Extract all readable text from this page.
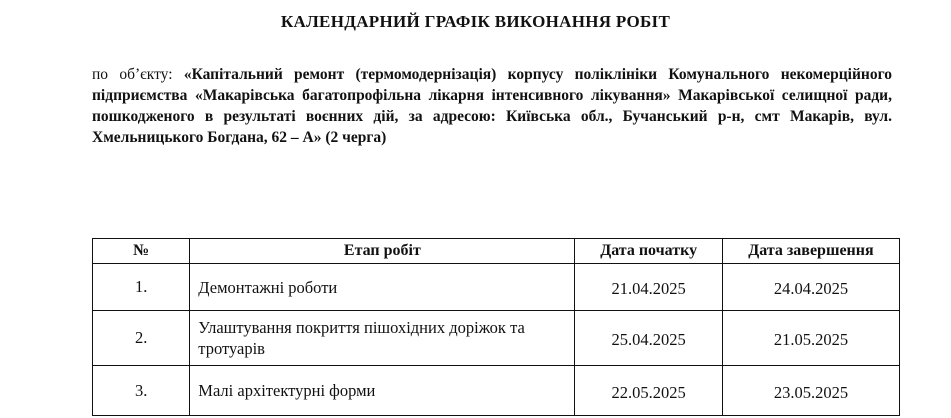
КАЛЕНДАРНИЙ ГРАФІК ВИКОНАННЯ РОБІТ
по об’єкту: «Капітальний ремонт (термомодернізація) корпусу поліклініки Комунального некомерційного підприємства «Макарівська багатопрофільна лікарня інтенсивного лікування» Макарівської селищної ради, пошкодженого в результаті воєнних дій, за адресою: Київська обл., Бучанський р-н, смт Макарів, вул. Хмельницького Богдана, 62 – А» (2 черга)
№	Етап робіт	Дата початку	Дата завершення
1.	Демонтажні роботи	21.04.2025	24.04.2025
2.	Улаштування покриття пішохідних доріжок та тротуарів	25.04.2025	21.05.2025
3.	Малі архітектурні форми	22.05.2025	23.05.2025
